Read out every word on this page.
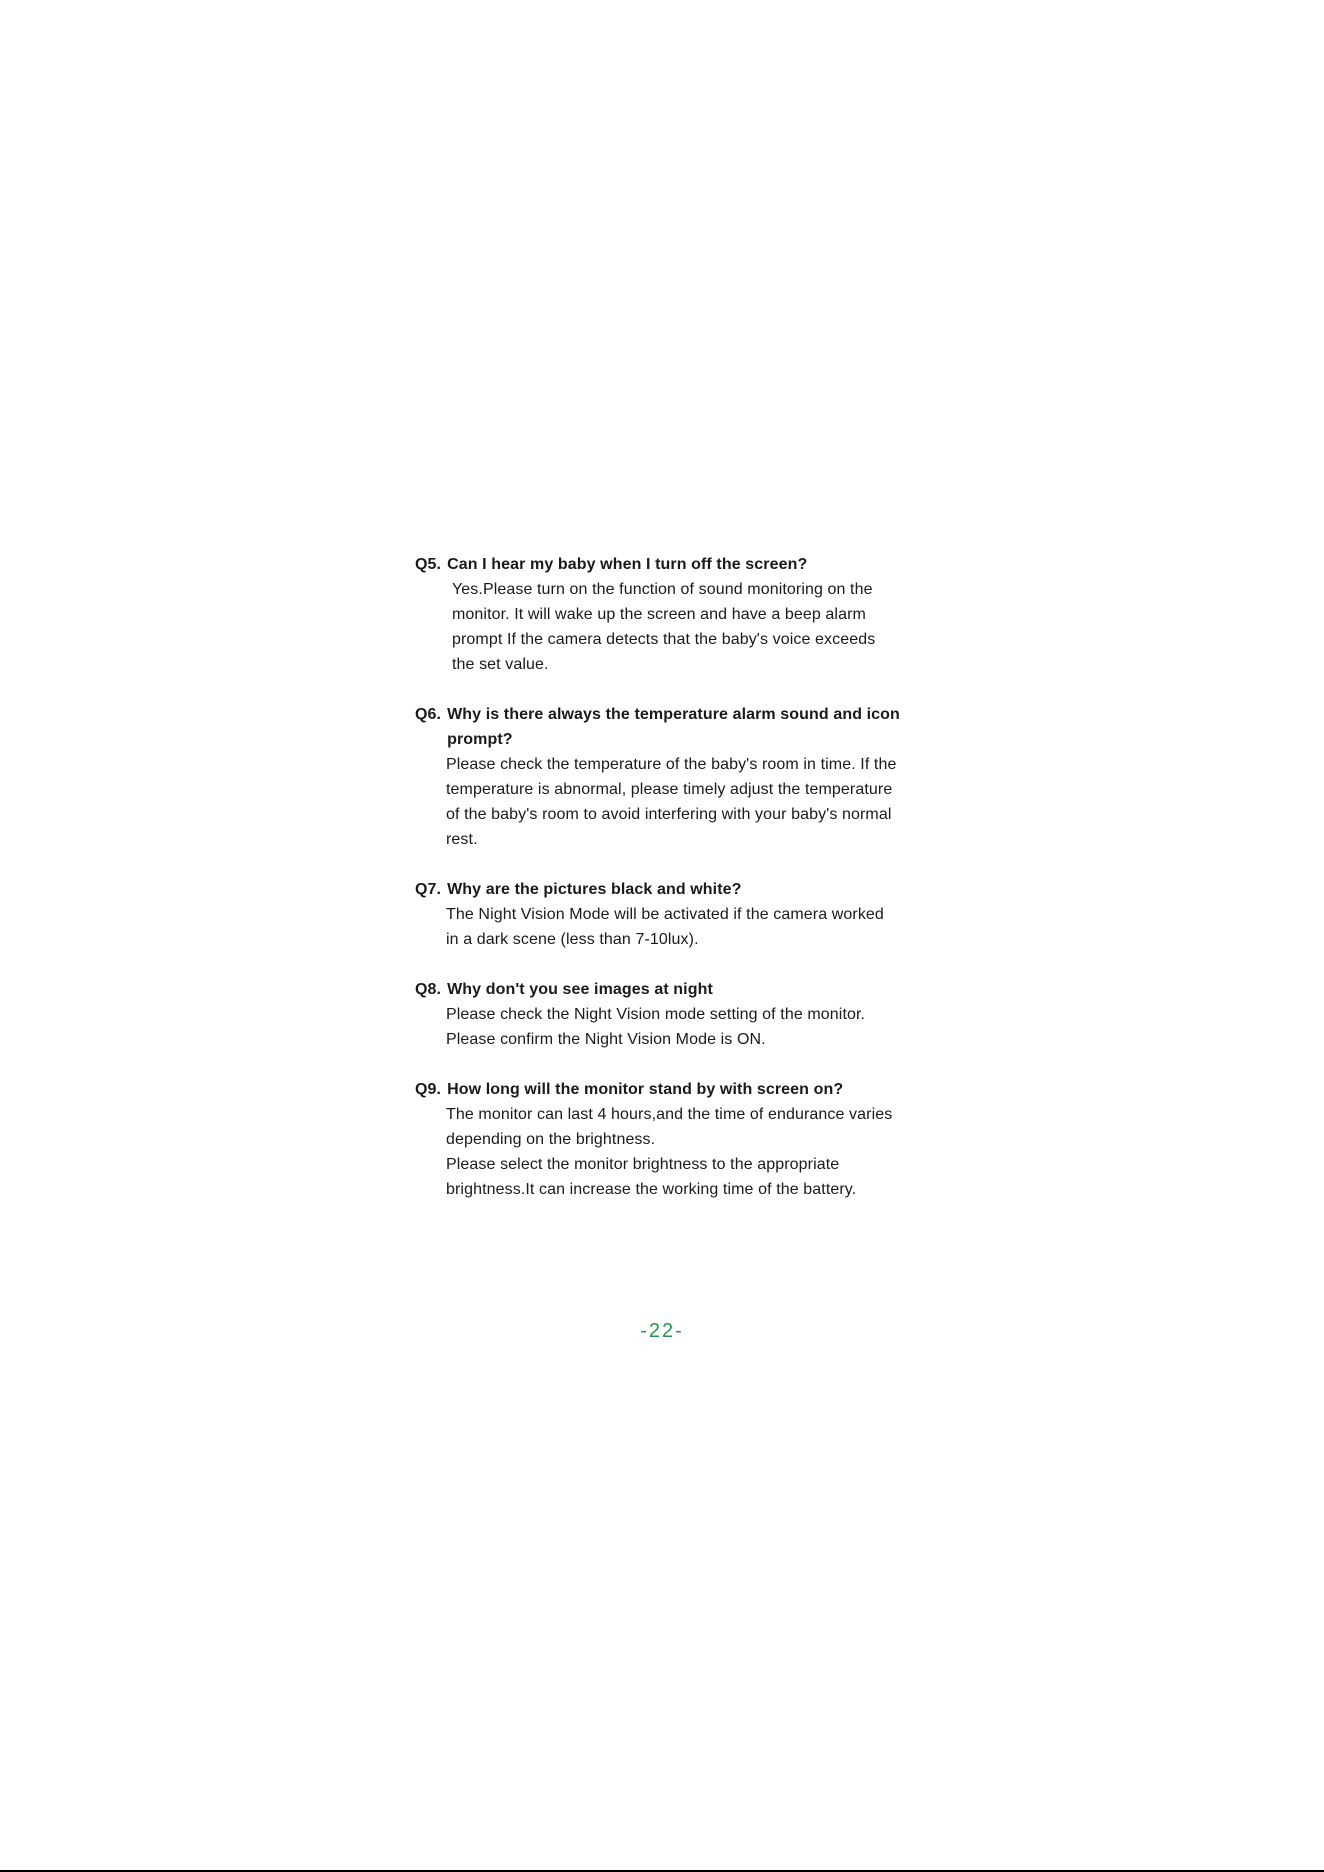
Q5. Can I hear my baby when I turn off the screen?
Yes.Please turn on the function of sound monitoring on the
monitor. It will wake up the screen and have a beep alarm
prompt If the camera detects that the baby's voice exceeds
the set value.
Q6. Why is there always the temperature alarm sound and icon prompt?
Please check the temperature of the baby's room in time. If the
temperature is abnormal, please timely adjust the temperature
of the baby's room to avoid interfering with your baby's normal
rest.
Q7. Why are the pictures black and white?
The Night Vision Mode will be activated if the camera worked
in a dark scene (less than 7-10lux).
Q8. Why don't you see images at night
Please check the Night Vision mode setting of the monitor.
Please confirm the Night Vision Mode is ON.
Q9. How long will the monitor stand by with screen on?
The monitor can last 4 hours,and the time of endurance varies
depending on the brightness.
Please select the monitor brightness to the appropriate
brightness.It can increase the working time of the battery.
-22-
